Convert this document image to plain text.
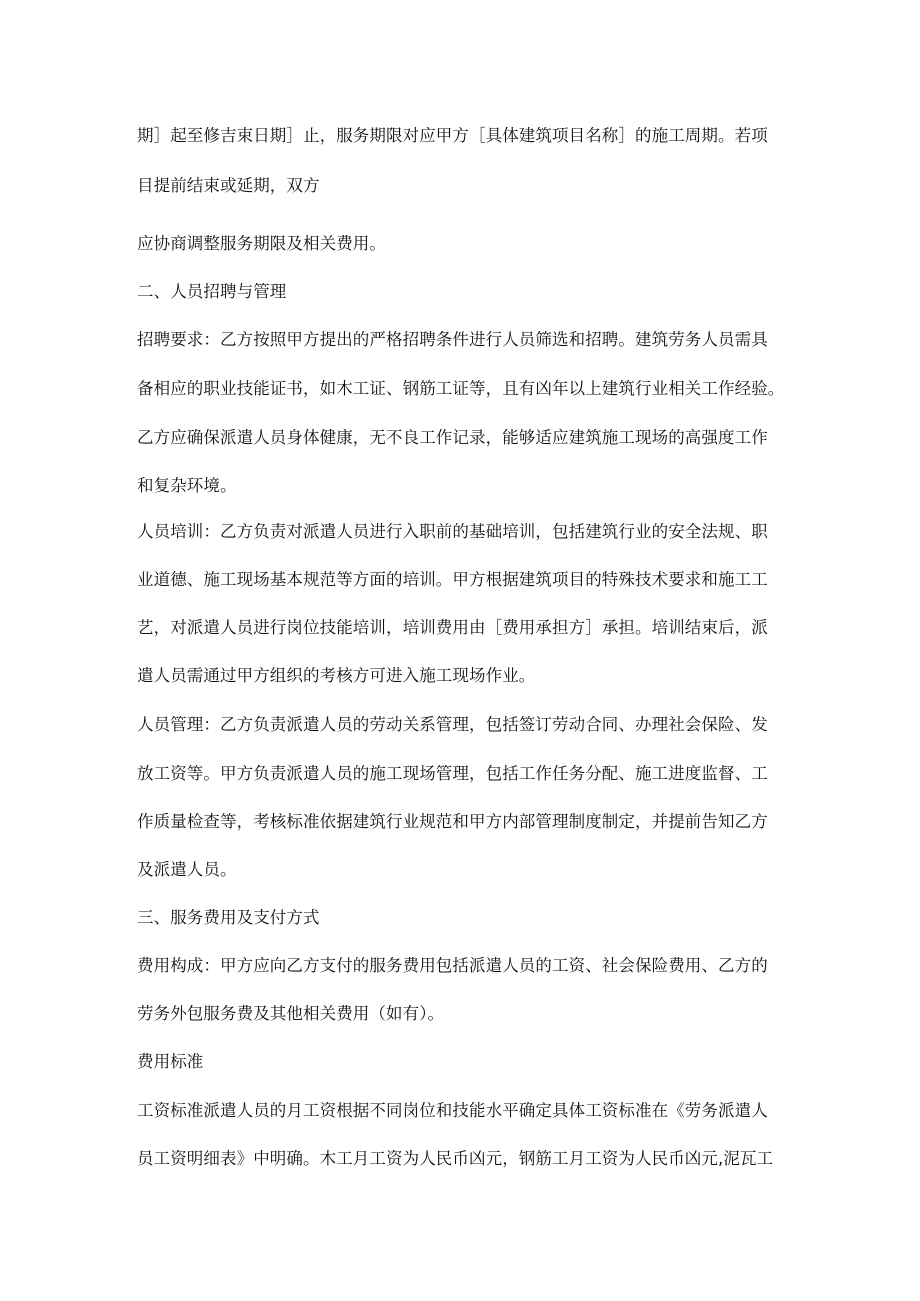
期］起至修吉束日期］止，服务期限对应甲方［具体建筑项目名称］的施工周期。若项
目提前结束或延期，双方
应协商调整服务期限及相关费用。
二、人员招聘与管理
招聘要求：乙方按照甲方提出的严格招聘条件进行人员筛选和招聘。建筑劳务人员需具
备相应的职业技能证书，如木工证、钢筋工证等，且有凶年以上建筑行业相关工作经验。
乙方应确保派遣人员身体健康，无不良工作记录，能够适应建筑施工现场的高强度工作
和复杂环境。
人员培训：乙方负责对派遣人员进行入职前的基础培训，包括建筑行业的安全法规、职
业道德、施工现场基本规范等方面的培训。甲方根据建筑项目的特殊技术要求和施工工
艺，对派遣人员进行岗位技能培训，培训费用由［费用承担方］承担。培训结束后，派
遣人员需通过甲方组织的考核方可进入施工现场作业。
人员管理：乙方负责派遣人员的劳动关系管理，包括签订劳动合同、办理社会保险、发
放工资等。甲方负责派遣人员的施工现场管理，包括工作任务分配、施工进度监督、工
作质量检查等，考核标准依据建筑行业规范和甲方内部管理制度制定，并提前告知乙方
及派遣人员。
三、服务费用及支付方式
费用构成：甲方应向乙方支付的服务费用包括派遣人员的工资、社会保险费用、乙方的
劳务外包服务费及其他相关费用（如有）。
费用标准
工资标准派遣人员的月工资根据不同岗位和技能水平确定具体工资标准在《劳务派遣人
员工资明细表》中明确。木工月工资为人民币凶元，钢筋工月工资为人民币凶元,泥瓦工
